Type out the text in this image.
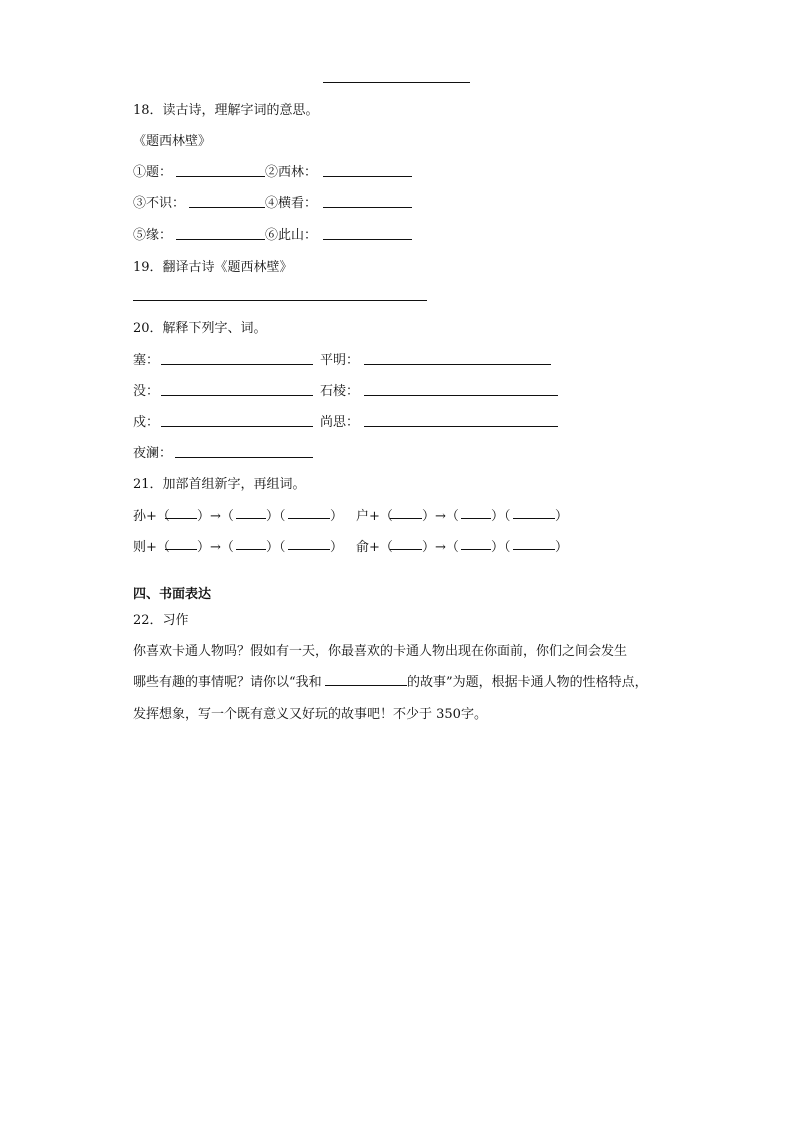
18．读古诗，理解字词的意思。
《题西林壁》
①题：	②西林：
③不识：	④横看：
⑤缘：	⑥此山：
19．翻译古诗《题西林壁》
20．解释下列字、词。
塞：	平明：
没：	石棱：
戍：	尚思：
夜澜：
21．加部首组新字，再组词。
孙+（ ）→（ ）（	） 户+（ ）→（ ）（	）
则+（ ）→（ ）（	） 俞+（ ）→（ ）（	）
四、书面表达
22．习作
你喜欢卡通人物吗？假如有一天，你最喜欢的卡通人物出现在你面前，你们之间会发生
哪些有趣的事情呢？请你以“我和	的故事”为题，根据卡通人物的性格特点，
发挥想象，写一个既有意义又好玩的故事吧！不少于 350字。
